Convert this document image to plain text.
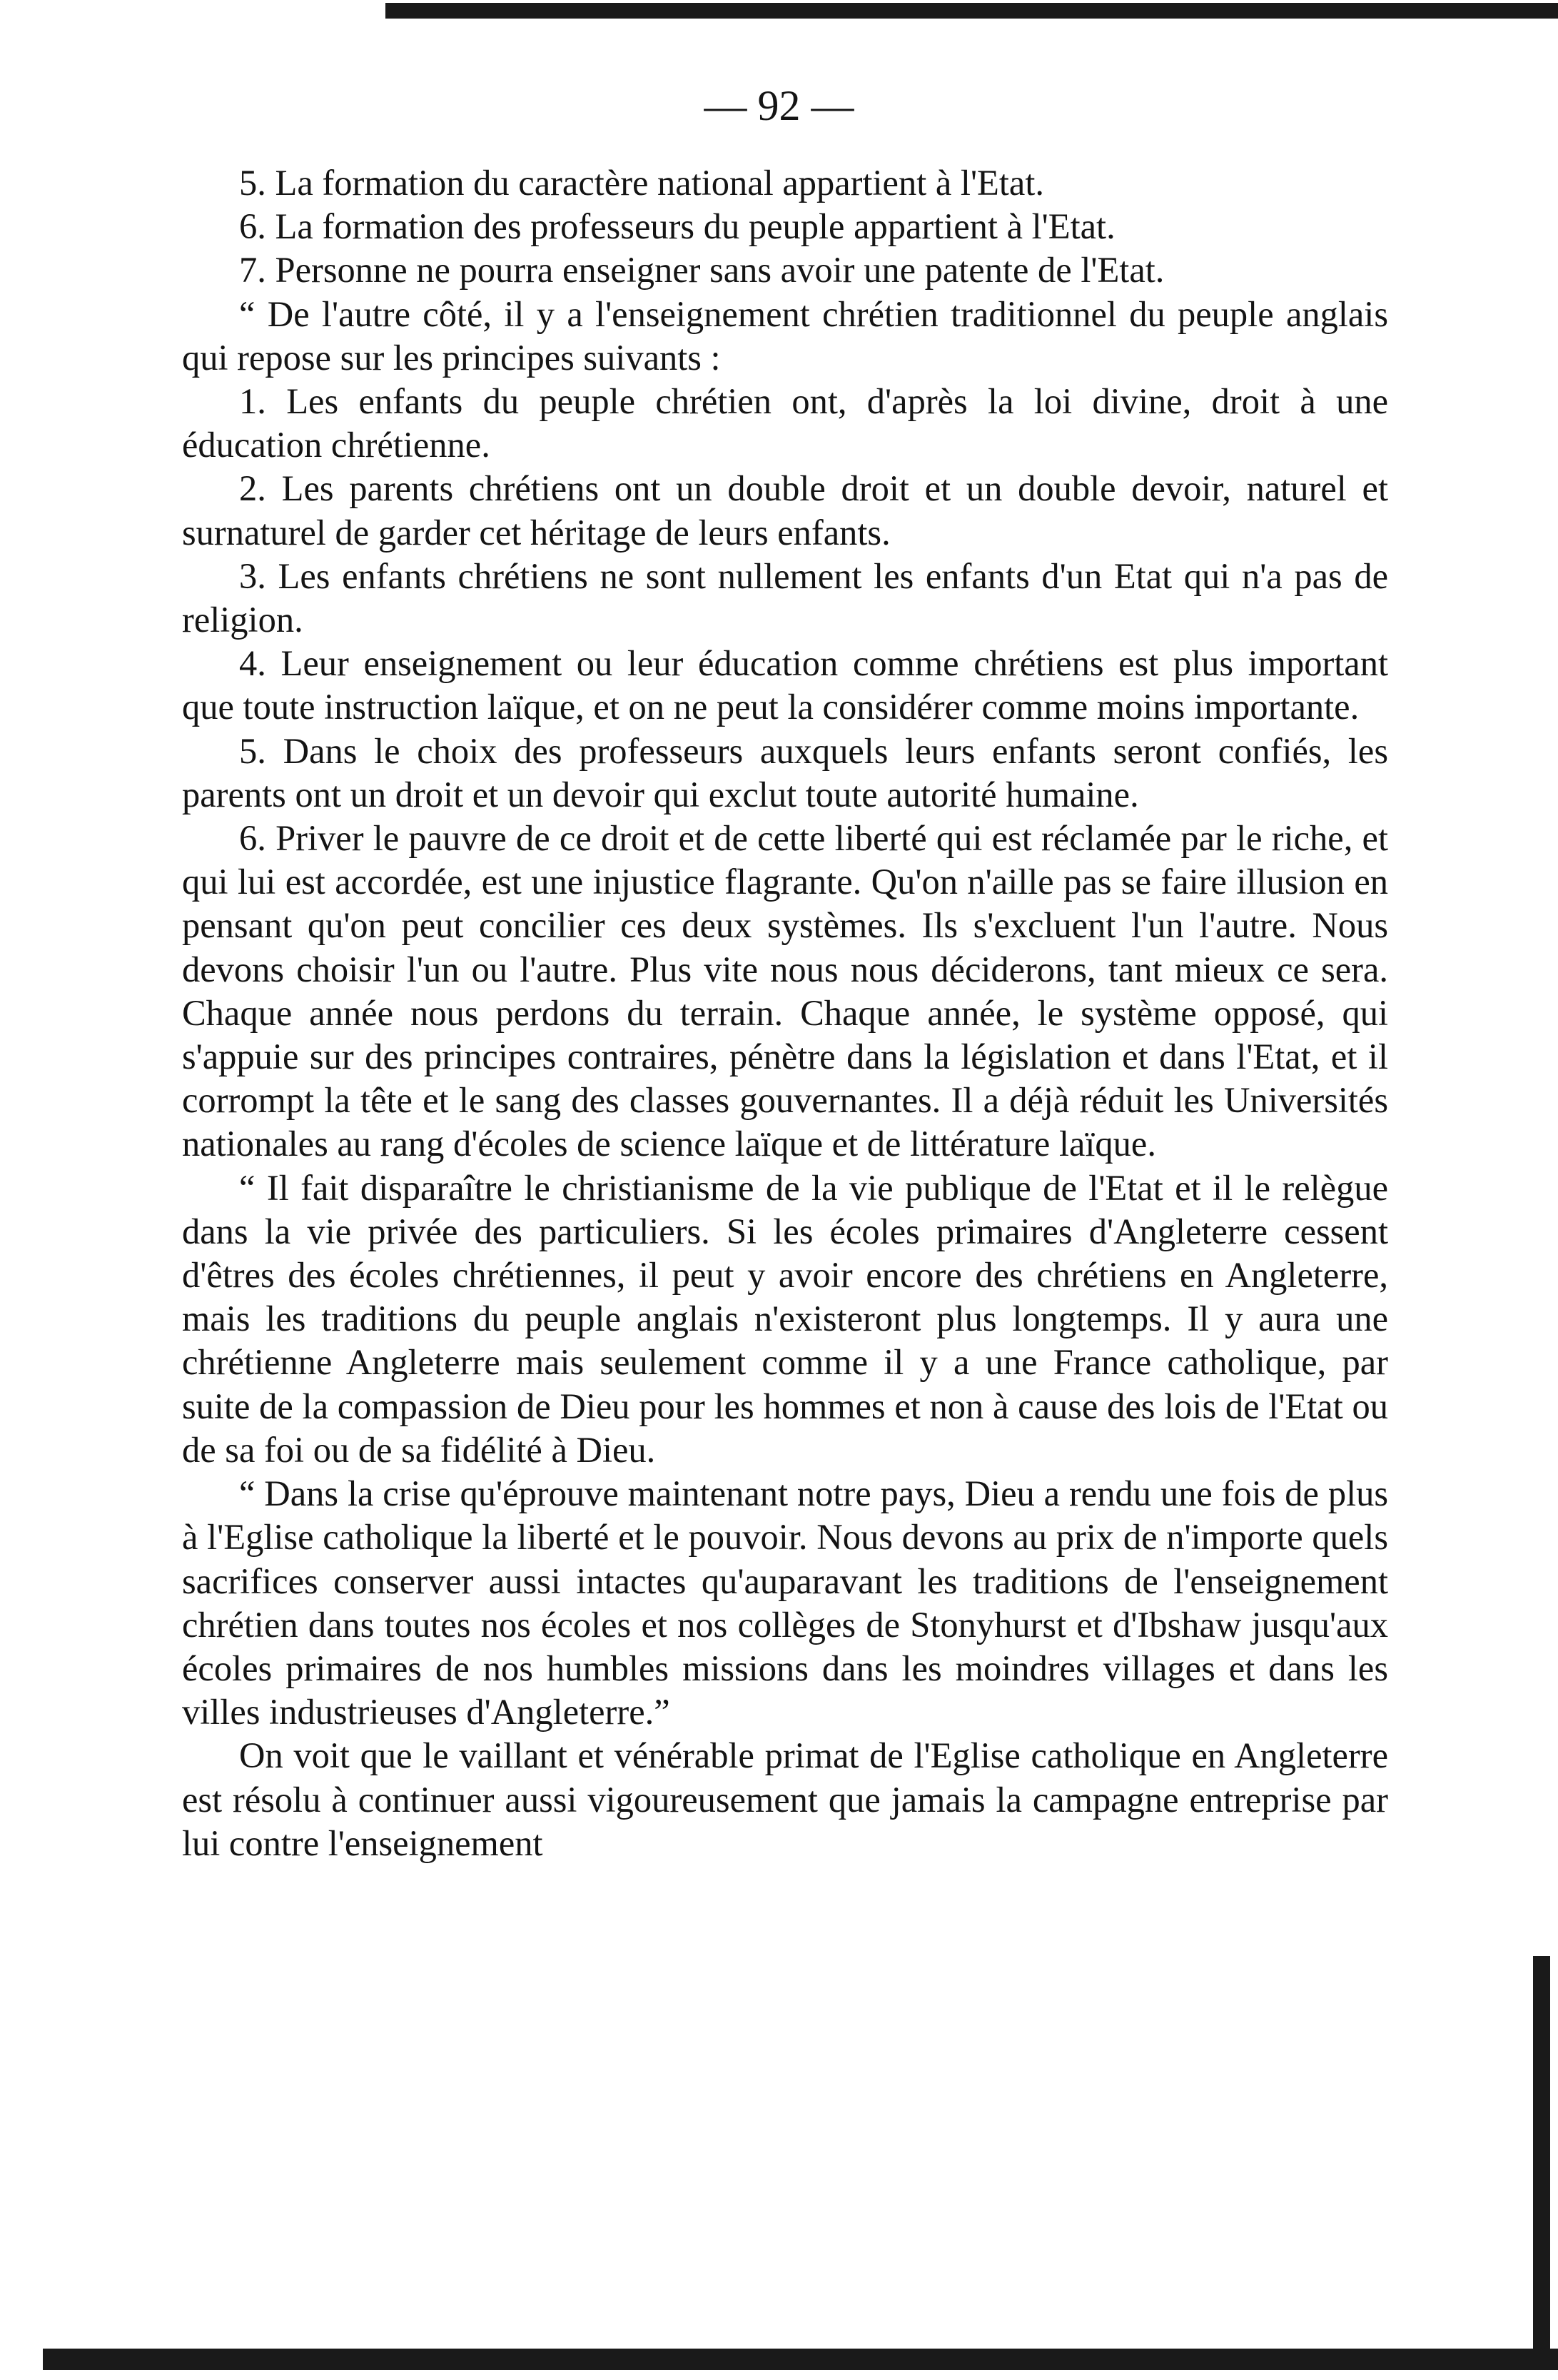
— 92 —

5. La formation du caractère national appartient à l'Etat.

6. La formation des professeurs du peuple appartient à l'Etat.

7. Personne ne pourra enseigner sans avoir une patente de l'Etat.

“ De l'autre côté, il y a l'enseignement chrétien traditionnel du peuple anglais qui repose sur les principes suivants :

1. Les enfants du peuple chrétien ont, d'après la loi divine, droit à une éducation chrétienne.

2. Les parents chrétiens ont un double droit et un double devoir, naturel et surnaturel de garder cet héritage de leurs enfants.

3. Les enfants chrétiens ne sont nullement les enfants d'un Etat qui n'a pas de religion.

4. Leur enseignement ou leur éducation comme chrétiens est plus important que toute instruction laïque, et on ne peut la considérer comme moins importante.

5. Dans le choix des professeurs auxquels leurs enfants seront confiés, les parents ont un droit et un devoir qui exclut toute autorité humaine.

6. Priver le pauvre de ce droit et de cette liberté qui est réclamée par le riche, et qui lui est accordée, est une injustice flagrante. Qu'on n'aille pas se faire illusion en pensant qu'on peut concilier ces deux systèmes. Ils s'excluent l'un l'autre. Nous devons choisir l'un ou l'autre. Plus vite nous nous déciderons, tant mieux ce sera. Chaque année nous perdons du terrain. Chaque année, le système opposé, qui s'appuie sur des principes contraires, pénètre dans la législation et dans l'Etat, et il corrompt la tête et le sang des classes gouvernantes. Il a déjà réduit les Universités nationales au rang d'écoles de science laïque et de littérature laïque.

“ Il fait disparaître le christianisme de la vie publique de l'Etat et il le relègue dans la vie privée des particuliers. Si les écoles primaires d'Angleterre cessent d'êtres des écoles chrétiennes, il peut y avoir encore des chrétiens en Angleterre, mais les traditions du peuple anglais n'existeront plus longtemps. Il y aura une chrétienne Angleterre mais seulement comme il y a une France catholique, par suite de la compassion de Dieu pour les hommes et non à cause des lois de l'Etat ou de sa foi ou de sa fidélité à Dieu.

“ Dans la crise qu'éprouve maintenant notre pays, Dieu a rendu une fois de plus à l'Eglise catholique la liberté et le pouvoir. Nous devons au prix de n'importe quels sacrifices conserver aussi intactes qu'auparavant les traditions de l'enseignement chrétien dans toutes nos écoles et nos collèges de Stonyhurst et d'Ibshaw jusqu'aux écoles primaires de nos humbles missions dans les moindres villages et dans les villes industrieuses d'Angleterre.”

On voit que le vaillant et vénérable primat de l'Eglise catholique en Angleterre est résolu à continuer aussi vigoureusement que jamais la campagne entreprise par lui contre l'enseignement
